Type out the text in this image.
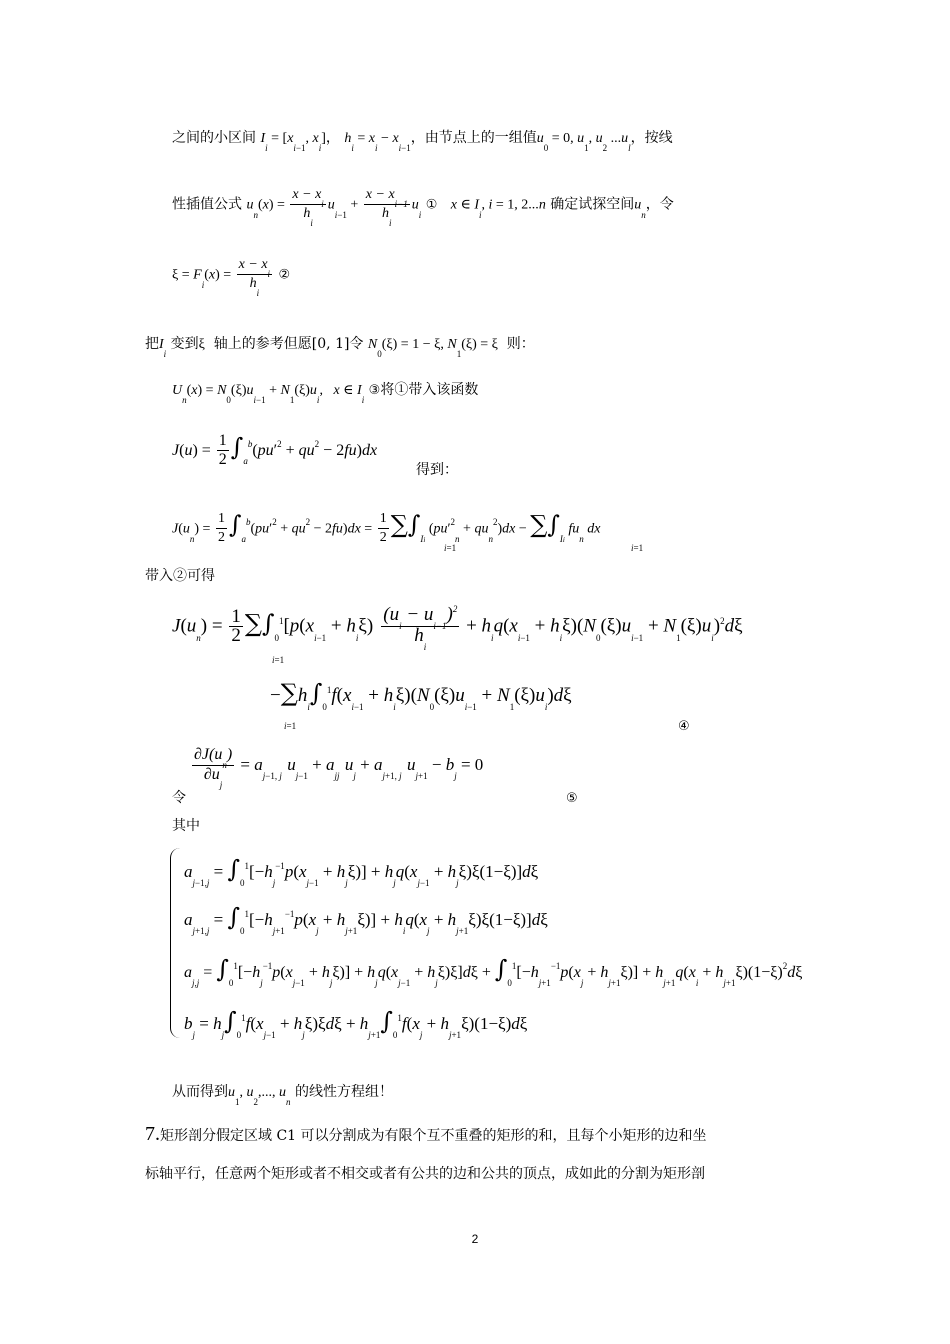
之间的小区间 $I_i = [x_{i-1}$, $x_i$]， $h_i = x_i - x_{i-1}$，由节点上的一组值$u_0 = 0$, $u_1$, $u_2$ $...u_l$，按线
性插值公式 $u_n(x) = \frac{x - x_i}{h_i} u_{i-1} + \frac{x - x_{i-1}}{h_i} u_i$ ① x ∈ $I_i$, i = 1, 2...n 确定试探空间$u_n$，令
$\xi = F_i(x) = \frac{x - x_i}{h_i}$ ②
把$I_i$ 变到ξ 轴上的参考但愿[0, 1]令 $N_0(\xi) = 1 - \xi$, $N_1(\xi) = \xi$ 则：
$U_n(x) = N_0(\xi)u_{i-1} + N_1(\xi)u_i$,   x ∈ $I_i$ ③将①带入该函数
$J(u) = \frac{1}{2} \int_a^b(pu'^2 + qu^2 - 2fu)dx$
得到：
$J(u_n) = \frac{1}{2} \int_a^b(pu'^2 + qu^2 - 2fu)dx = \frac{1}{2} \sum\int_{Ii}$ $(pu'^2_n + qu_n^2)dx - \sum\int_{Ii}$ $fu_n$ dx
i=1	i=1
带入②可得
$J(u_n) = \frac{1}{2} \sum\int_0^1[p(x_{i-1} + h_i\xi) \frac{(u_i - u_{i-1})^2}{h_i} + h_iq(x_{i-1} + h_i\xi)(N_0(\xi)u_{i-1} + N_1(\xi)u_i)^2d\xi$
i=1
$-\sum h_i\int_0^1f(x_{i-1} + h_i\xi)(N_0(\xi)u_{i-1} + N_1(\xi)u_i)d\xi$
i=1	④
$\frac{\partial J(u_n)}{\partial u_j} = a_{j-1,}$ $_j$ $u_{j-1} + a_{jj}$ $u_j + a_{j+1,}$ $_j$ $u_{j+1} - b_j = 0$
令	⑤
其中
$a_{j-1,j} = \int_0^1[-h_j^{-1}p(x_{j-1} + h_j\xi)] + h_jq(x_{j-1} + h_j\xi)\xi(1-\xi)]d\xi$
$a_{j+1,j} = \int_0^1[-h_{j+1}^{-1}p(x_j + h_{j+1}\xi)] + h_iq(x_j + h_{j+1}\xi)\xi(1-\xi)]d\xi$
$a_{j,j} = \int_0^1[-h_j^{-1}p(x_{j-1} + h_j\xi)] + h_jq(x_{j-1} + h_j\xi)\xi]d\xi + \int_0^1[-h_{j+1}^{-1}p(x_j + h_{j+1}\xi)] + h_{j+1}q(x_i + h_{j+1}\xi)(1-\xi)^2d\xi$
$b_j = h_j\int_0^1f(x_{j-1} + h_j\xi)\xi d\xi + h_{j+1}\int_0^1f(x_j + h_{j+1}\xi)(1-\xi)d\xi$
从而得到$u_1$, $u_2$,..., $u_n$ 的线性方程组！
7.矩形剖分假定区域 C1 可以分割成为有限个互不重叠的矩形的和，且每个小矩形的边和坐
标轴平行，任意两个矩形或者不相交或者有公共的边和公共的顶点，成如此的分割为矩形剖
2
